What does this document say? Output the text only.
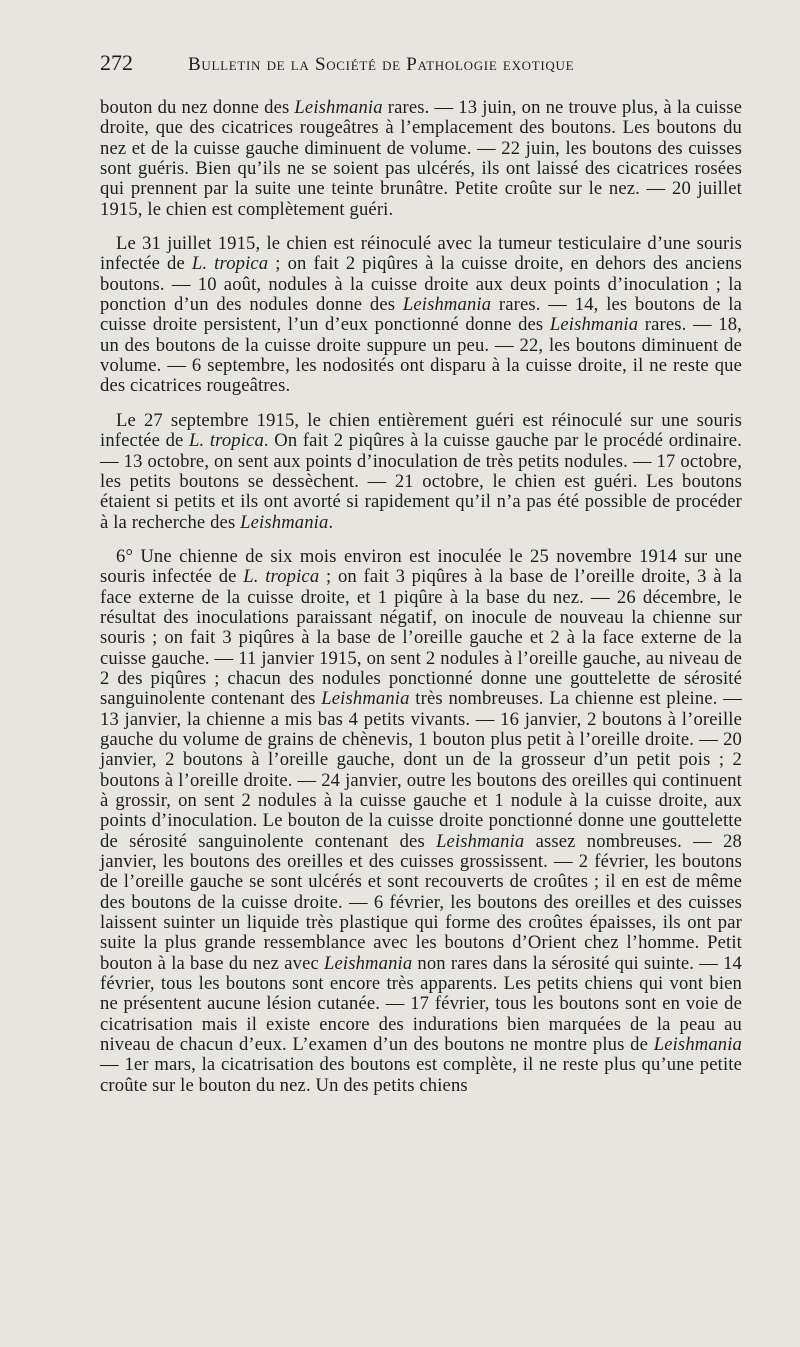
272	Bulletin de la Société de Pathologie exotique

bouton du nez donne des Leishmania rares. — 13 juin, on ne trouve plus, à la cuisse droite, que des cicatrices rougeâtres à l’emplacement des boutons. Les boutons du nez et de la cuisse gauche diminuent de volume. — 22 juin, les boutons des cuisses sont guéris. Bien qu’ils ne se soient pas ulcérés, ils ont laissé des cicatrices rosées qui prennent par la suite une teinte brunâtre. Petite croûte sur le nez. — 20 juillet 1915, le chien est complètement guéri.

Le 31 juillet 1915, le chien est réinoculé avec la tumeur testiculaire d’une souris infectée de L. tropica ; on fait 2 piqûres à la cuisse droite, en dehors des anciens boutons. — 10 août, nodules à la cuisse droite aux deux points d’inoculation ; la ponction d’un des nodules donne des Leishmania rares. — 14, les boutons de la cuisse droite persistent, l’un d’eux ponctionné donne des Leishmania rares. — 18, un des boutons de la cuisse droite suppure un peu. — 22, les boutons diminuent de volume. — 6 septembre, les nodosités ont disparu à la cuisse droite, il ne reste que des cicatrices rougeâtres.

Le 27 septembre 1915, le chien entièrement guéri est réinoculé sur une souris infectée de L. tropica. On fait 2 piqûres à la cuisse gauche par le procédé ordinaire. — 13 octobre, on sent aux points d’inoculation de très petits nodules. — 17 octobre, les petits boutons se dessèchent. — 21 octobre, le chien est guéri. Les boutons étaient si petits et ils ont avorté si rapidement qu’il n’a pas été possible de procéder à la recherche des Leishmania.

6° Une chienne de six mois environ est inoculée le 25 novembre 1914 sur une souris infectée de L. tropica ; on fait 3 piqûres à la base de l’oreille droite, 3 à la face externe de la cuisse droite, et 1 piqûre à la base du nez. — 26 décembre, le résultat des inoculations paraissant négatif, on inocule de nouveau la chienne sur souris ; on fait 3 piqûres à la base de l’oreille gauche et 2 à la face externe de la cuisse gauche. — 11 janvier 1915, on sent 2 nodules à l’oreille gauche, au niveau de 2 des piqûres ; chacun des nodules ponctionné donne une gouttelette de sérosité sanguinolente contenant des Leishmania très nombreuses. La chienne est pleine. — 13 janvier, la chienne a mis bas 4 petits vivants. — 16 janvier, 2 boutons à l’oreille gauche du volume de grains de chènevis, 1 bouton plus petit à l’oreille droite. — 20 janvier, 2 boutons à l’oreille gauche, dont un de la grosseur d’un petit pois ; 2 boutons à l’oreille droite. — 24 janvier, outre les boutons des oreilles qui continuent à grossir, on sent 2 nodules à la cuisse gauche et 1 nodule à la cuisse droite, aux points d’inoculation. Le bouton de la cuisse droite ponctionné donne une gouttelette de sérosité sanguinolente contenant des Leishmania assez nombreuses. — 28 janvier, les boutons des oreilles et des cuisses grossissent. — 2 février, les boutons de l’oreille gauche se sont ulcérés et sont recouverts de croûtes ; il en est de même des boutons de la cuisse droite. — 6 février, les boutons des oreilles et des cuisses laissent suinter un liquide très plastique qui forme des croûtes épaisses, ils ont par suite la plus grande ressemblance avec les boutons d’Orient chez l’homme. Petit bouton à la base du nez avec Leishmania non rares dans la sérosité qui suinte. — 14 février, tous les boutons sont encore très apparents. Les petits chiens qui vont bien ne présentent aucune lésion cutanée. — 17 février, tous les boutons sont en voie de cicatrisation mais il existe encore des indurations bien marquées de la peau au niveau de chacun d’eux. L’examen d’un des boutons ne montre plus de Leishmania — 1er mars, la cicatrisation des boutons est complète, il ne reste plus qu’une petite croûte sur le bouton du nez. Un des petits chiens
